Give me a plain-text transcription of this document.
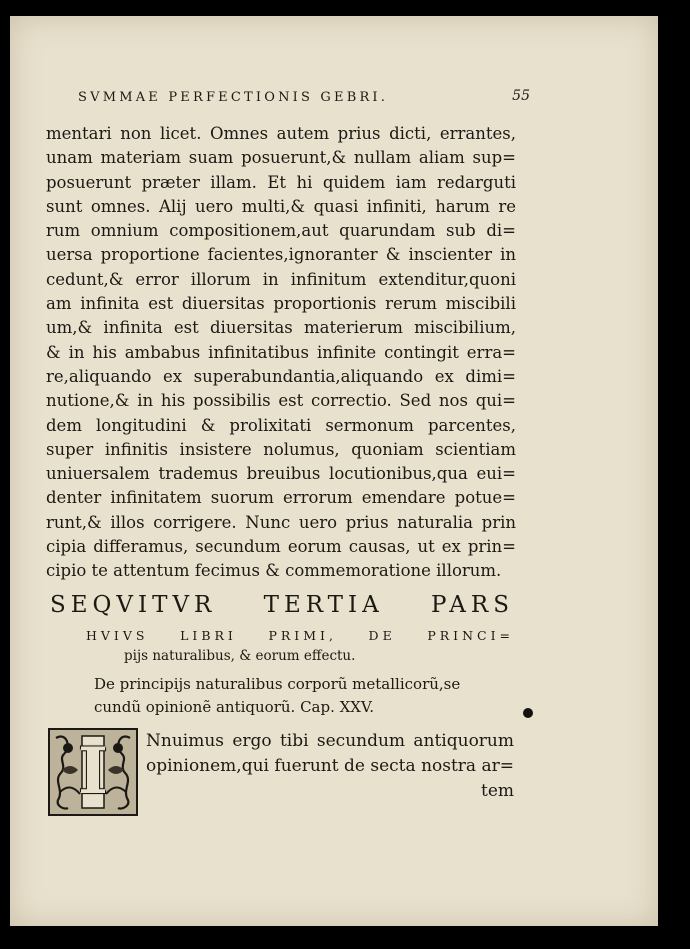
SVMMAE PERFECTIONIS GEBRI.	55
mentari non licet. Omnes autem prius dicti, errantes,
unam materiam suam posuerunt,& nullam aliam sup=
posuerunt præter illam. Et hi quidem iam redarguti
sunt omnes. Alij uero multi,& quasi infiniti, harum re
rum omnium compositionem,aut quarundam sub di=
uersa proportione facientes,ignoranter & inscienter in
cedunt,& error illorum in infinitum extenditur,quoni
am infinita est diuersitas proportionis rerum miscibili
um,& infinita est diuersitas materierum miscibilium,
& in his ambabus infinitatibus infinite contingit erra=
re,aliquando ex superabundantia,aliquando ex dimi=
nutione,& in his possibilis est correctio. Sed nos qui=
dem longitudini & prolixitati sermonum parcentes,
super infinitis insistere nolumus, quoniam scientiam
uniuersalem trademus breuibus locutionibus,qua eui=
denter infinitatem suorum errorum emendare potue=
runt,& illos corrigere. Nunc uero prius naturalia prin
cipia differamus, secundum eorum causas, ut ex prin=
cipio te attentum fecimus & commemoratione illorum.
SEQVITVR TERTIA PARS
HVIVS LIBRI PRIMI, DE PRINCI=
pijs naturalibus, & eorum effectu.
De principijs naturalibus corporũ metallicorũ,se
cundũ opinionẽ antiquorũ. Cap. XXV.
I	Nnuimus ergo tibi secundum antiquorum
opinionem,qui fuerunt de secta nostra ar=
tem
